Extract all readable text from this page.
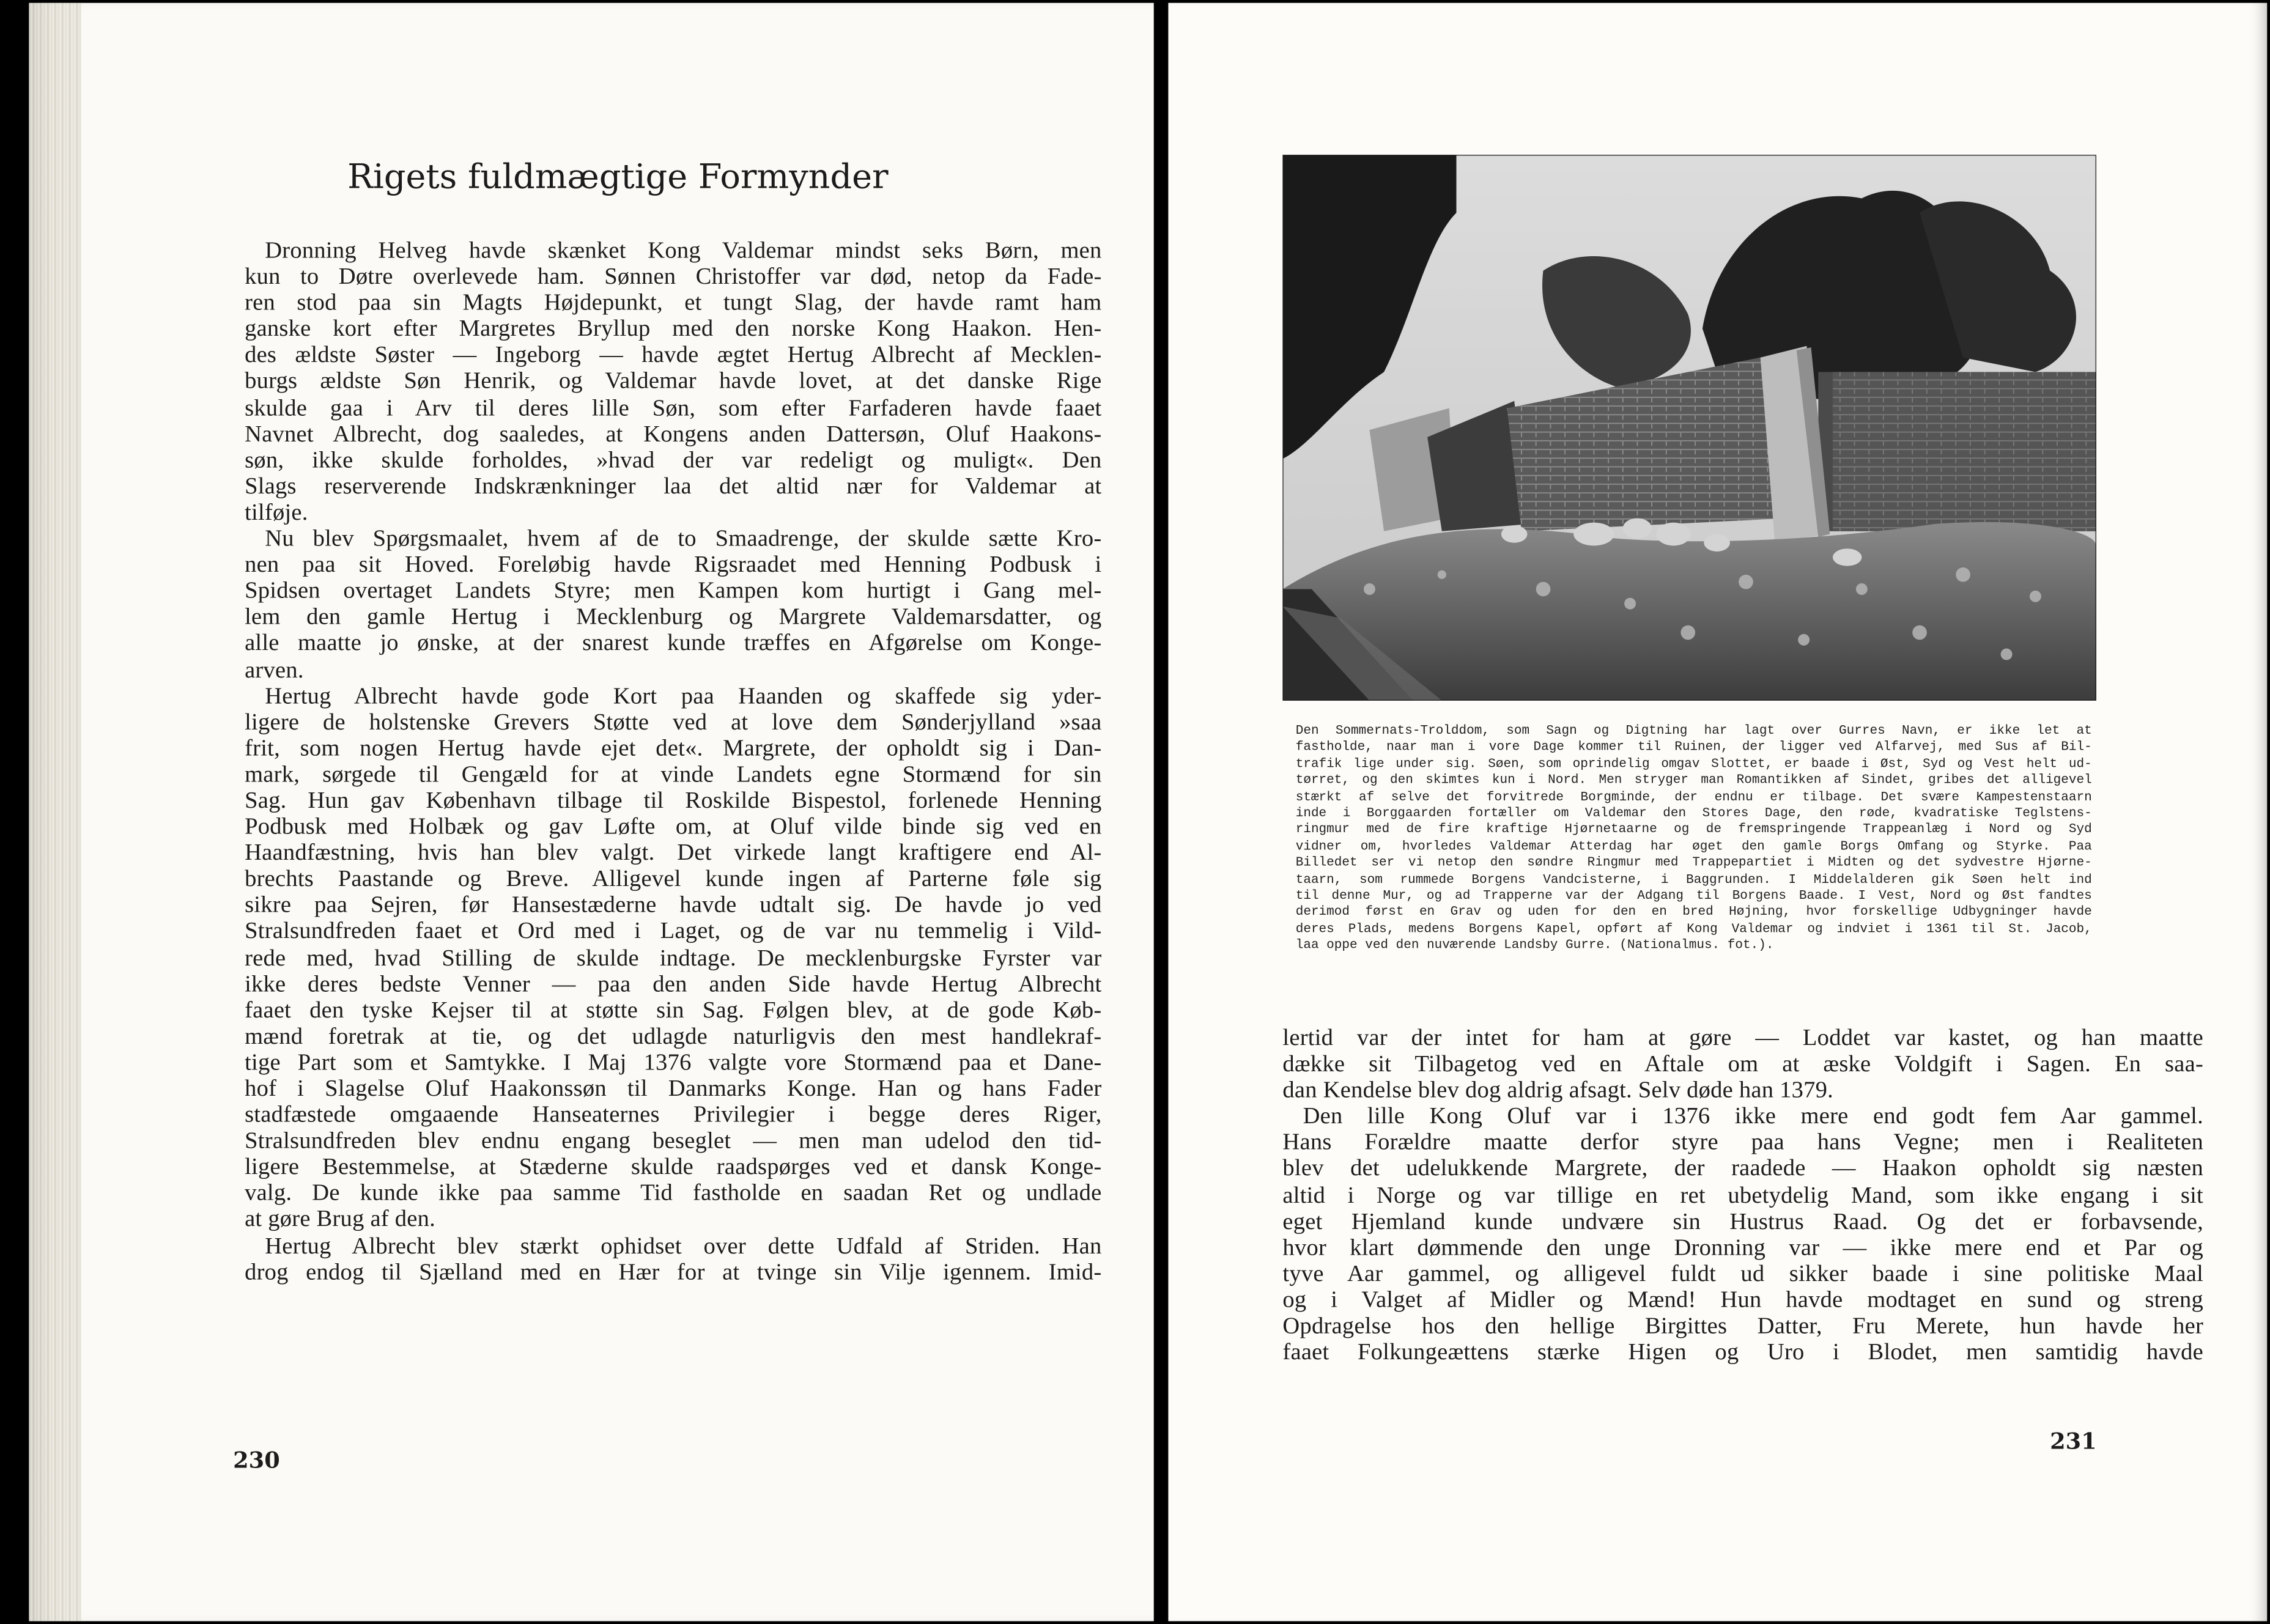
Rigets fuldmægtige Formynder
Dronning Helveg havde skænket Kong Valdemar mindst seks Børn, men
kun to Døtre overlevede ham. Sønnen Christoffer var død, netop da Fade-
ren stod paa sin Magts Højdepunkt, et tungt Slag, der havde ramt ham
ganske kort efter Margretes Bryllup med den norske Kong Haakon. Hen-
des ældste Søster — Ingeborg — havde ægtet Hertug Albrecht af Mecklen-
burgs ældste Søn Henrik, og Valdemar havde lovet, at det danske Rige
skulde gaa i Arv til deres lille Søn, som efter Farfaderen havde faaet
Navnet Albrecht, dog saaledes, at Kongens anden Dattersøn, Oluf Haakons-
søn, ikke skulde forholdes, »hvad der var redeligt og muligt«. Den
Slags reserverende Indskrænkninger laa det altid nær for Valdemar at
tilføje.
Nu blev Spørgsmaalet, hvem af de to Smaadrenge, der skulde sætte Kro-
nen paa sit Hoved. Foreløbig havde Rigsraadet med Henning Podbusk i
Spidsen overtaget Landets Styre; men Kampen kom hurtigt i Gang mel-
lem den gamle Hertug i Mecklenburg og Margrete Valdemarsdatter, og
alle maatte jo ønske, at der snarest kunde træffes en Afgørelse om Konge-
arven.
Hertug Albrecht havde gode Kort paa Haanden og skaffede sig yder-
ligere de holstenske Grevers Støtte ved at love dem Sønderjylland »saa
frit, som nogen Hertug havde ejet det«. Margrete, der opholdt sig i Dan-
mark, sørgede til Gengæld for at vinde Landets egne Stormænd for sin
Sag. Hun gav København tilbage til Roskilde Bispestol, forlenede Henning
Podbusk med Holbæk og gav Løfte om, at Oluf vilde binde sig ved en
Haandfæstning, hvis han blev valgt. Det virkede langt kraftigere end Al-
brechts Paastande og Breve. Alligevel kunde ingen af Parterne føle sig
sikre paa Sejren, før Hansestæderne havde udtalt sig. De havde jo ved
Stralsundfreden faaet et Ord med i Laget, og de var nu temmelig i Vild-
rede med, hvad Stilling de skulde indtage. De mecklenburgske Fyrster var
ikke deres bedste Venner — paa den anden Side havde Hertug Albrecht
faaet den tyske Kejser til at støtte sin Sag. Følgen blev, at de gode Køb-
mænd foretrak at tie, og det udlagde naturligvis den mest handlekraf-
tige Part som et Samtykke. I Maj 1376 valgte vore Stormænd paa et Dane-
hof i Slagelse Oluf Haakonssøn til Danmarks Konge. Han og hans Fader
stadfæstede omgaaende Hanseaternes Privilegier i begge deres Riger,
Stralsundfreden blev endnu engang beseglet — men man udelod den tid-
ligere Bestemmelse, at Stæderne skulde raadspørges ved et dansk Konge-
valg. De kunde ikke paa samme Tid fastholde en saadan Ret og undlade
at gøre Brug af den.
Hertug Albrecht blev stærkt ophidset over dette Udfald af Striden. Han
drog endog til Sjælland med en Hær for at tvinge sin Vilje igennem. Imid-
230
Den Sommernats-Trolddom, som Sagn og Digtning har lagt over Gurres Navn, er ikke let at
fastholde, naar man i vore Dage kommer til Ruinen, der ligger ved Alfarvej, med Sus af Bil-
trafik lige under sig. Søen, som oprindelig omgav Slottet, er baade i Øst, Syd og Vest helt ud-
tørret, og den skimtes kun i Nord. Men stryger man Romantikken af Sindet, gribes det alligevel
stærkt af selve det forvitrede Borgminde, der endnu er tilbage. Det svære Kampestenstaarn
inde i Borggaarden fortæller om Valdemar den Stores Dage, den røde, kvadratiske Teglstens-
ringmur med de fire kraftige Hjørnetaarne og de fremspringende Trappeanlæg i Nord og Syd
vidner om, hvorledes Valdemar Atterdag har øget den gamle Borgs Omfang og Styrke. Paa
Billedet ser vi netop den søndre Ringmur med Trappepartiet i Midten og det sydvestre Hjørne-
taarn, som rummede Borgens Vandcisterne, i Baggrunden. I Middelalderen gik Søen helt ind
til denne Mur, og ad Trapperne var der Adgang til Borgens Baade. I Vest, Nord og Øst fandtes
derimod først en Grav og uden for den en bred Højning, hvor forskellige Udbygninger havde
deres Plads, medens Borgens Kapel, opført af Kong Valdemar og indviet i 1361 til St. Jacob,
laa oppe ved den nuværende Landsby Gurre. (Nationalmus. fot.).
lertid var der intet for ham at gøre — Loddet var kastet, og han maatte
dække sit Tilbagetog ved en Aftale om at æske Voldgift i Sagen. En saa-
dan Kendelse blev dog aldrig afsagt. Selv døde han 1379.
Den lille Kong Oluf var i 1376 ikke mere end godt fem Aar gammel.
Hans Forældre maatte derfor styre paa hans Vegne; men i Realiteten
blev det udelukkende Margrete, der raadede — Haakon opholdt sig næsten
altid i Norge og var tillige en ret ubetydelig Mand, som ikke engang i sit
eget Hjemland kunde undvære sin Hustrus Raad. Og det er forbavsende,
hvor klart dømmende den unge Dronning var — ikke mere end et Par og
tyve Aar gammel, og alligevel fuldt ud sikker baade i sine politiske Maal
og i Valget af Midler og Mænd! Hun havde modtaget en sund og streng
Opdragelse hos den hellige Birgittes Datter, Fru Merete, hun havde her
faaet Folkungeættens stærke Higen og Uro i Blodet, men samtidig havde
231
